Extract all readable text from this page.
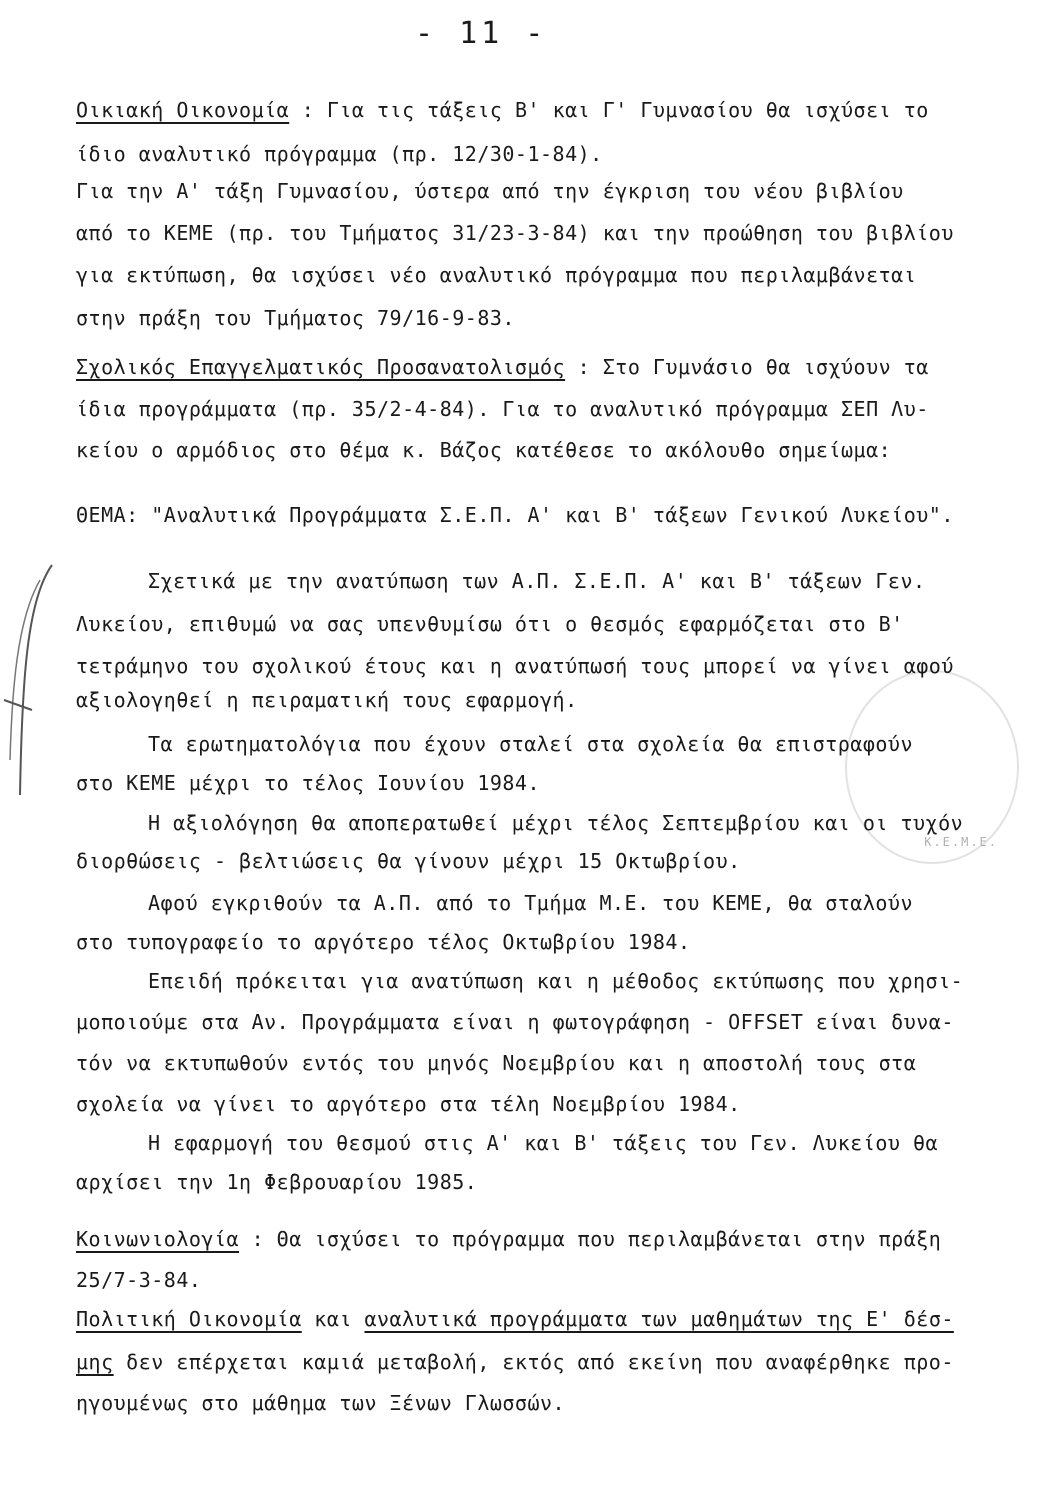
- 11 -
K.E.M.E.
Οικιακή Οικονομία : Για τις τάξεις Β' και Γ' Γυμνασίου θα ισχύσει το
ίδιο αναλυτικό πρόγραμμα (πρ. 12/30-1-84).
Για την Α' τάξη Γυμνασίου, ύστερα από την έγκριση του νέου βιβλίου
από το ΚΕΜΕ (πρ. του Τμήματος 31/23-3-84) και την προώθηση του βιβλίου
για εκτύπωση, θα ισχύσει νέο αναλυτικό πρόγραμμα που περιλαμβάνεται
στην πράξη του Τμήματος 79/16-9-83.
Σχολικός Επαγγελματικός Προσανατολισμός : Στο Γυμνάσιο θα ισχύουν τα
ίδια προγράμματα (πρ. 35/2-4-84). Για το αναλυτικό πρόγραμμα ΣΕΠ Λυ-
κείου ο αρμόδιος στο θέμα κ. Βάζος κατέθεσε το ακόλουθο σημείωμα:
ΘΕΜΑ: "Αναλυτικά Προγράμματα Σ.Ε.Π. Α' και Β' τάξεων Γενικού Λυκείου".
Σχετικά με την ανατύπωση των Α.Π. Σ.Ε.Π. Α' και Β' τάξεων Γεν.
Λυκείου, επιθυμώ να σας υπενθυμίσω ότι ο θεσμός εφαρμόζεται στο Β'
τετράμηνο του σχολικού έτους και η ανατύπωσή τους μπορεί να γίνει αφού
αξιολογηθεί η πειραματική τους εφαρμογή.
Τα ερωτηματολόγια που έχουν σταλεί στα σχολεία θα επιστραφούν
στο ΚΕΜΕ μέχρι το τέλος Ιουνίου 1984.
Η αξιολόγηση θα αποπερατωθεί μέχρι τέλος Σεπτεμβρίου και οι τυχόν
διορθώσεις - βελτιώσεις θα γίνουν μέχρι 15 Οκτωβρίου.
Αφού εγκριθούν τα Α.Π. από το Τμήμα Μ.Ε. του ΚΕΜΕ, θα σταλούν
στο τυπογραφείο το αργότερο τέλος Οκτωβρίου 1984.
Επειδή πρόκειται για ανατύπωση και η μέθοδος εκτύπωσης που χρησι-
μοποιούμε στα Αν. Προγράμματα είναι η φωτογράφηση - OFFSET είναι δυνα-
τόν να εκτυπωθούν εντός του μηνός Νοεμβρίου και η αποστολή τους στα
σχολεία να γίνει το αργότερο στα τέλη Νοεμβρίου 1984.
Η εφαρμογή του θεσμού στις Α' και Β' τάξεις του Γεν. Λυκείου θα
αρχίσει την 1η Φεβρουαρίου 1985.
Κοινωνιολογία : Θα ισχύσει το πρόγραμμα που περιλαμβάνεται στην πράξη
25/7-3-84.
Πολιτική Οικονομία και αναλυτικά προγράμματα των μαθημάτων της Ε' δέσ-
μης δεν επέρχεται καμιά μεταβολή, εκτός από εκείνη που αναφέρθηκε προ-
ηγουμένως στο μάθημα των Ξένων Γλωσσών.
